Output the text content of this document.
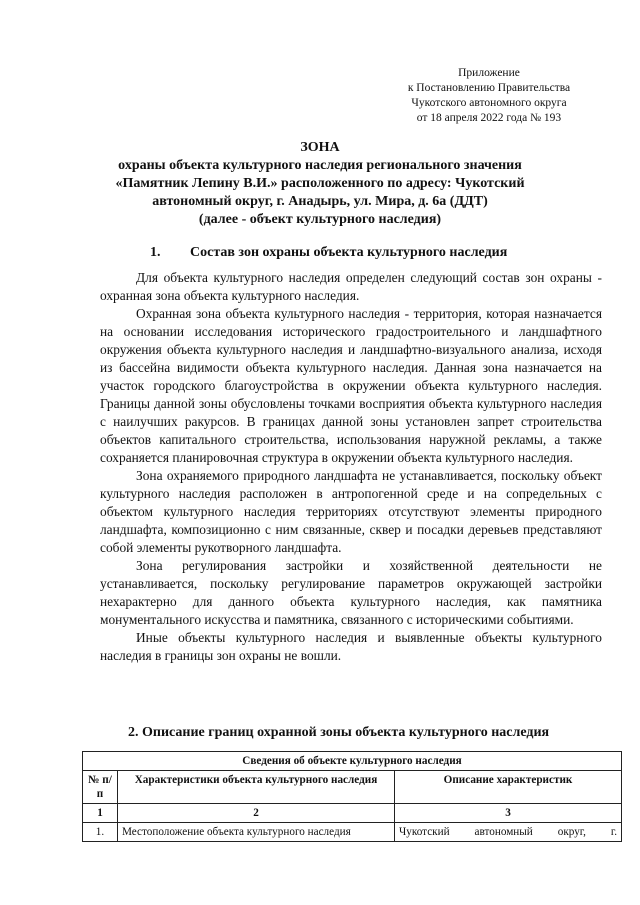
Приложение
к Постановлению Правительства
Чукотского автономного округа
от 18 апреля 2022 года № 193
ЗОНА
охраны объекта культурного наследия регионального значения
«Памятник Лепину В.И.» расположенного по адресу: Чукотский
автономный округ, г. Анадырь, ул. Мира, д. 6а (ДДТ)
(далее - объект культурного наследия)
1. Состав зон охраны объекта культурного наследия

Для объекта культурного наследия определен следующий состав зон охраны - охранная зона объекта культурного наследия.

Охранная зона объекта культурного наследия - территория, которая назначается на основании исследования исторического градостроительного и ландшафтного окружения объекта культурного наследия и ландшафтно-визуального анализа, исходя из бассейна видимости объекта культурного наследия. Данная зона назначается на участок городского благоустройства в окружении объекта культурного наследия. Границы данной зоны обусловлены точками восприятия объекта культурного наследия с наилучших ракурсов. В границах данной зоны установлен запрет строительства объектов капитального строительства, использования наружной рекламы, а также сохраняется планировочная структура в окружении объекта культурного наследия.

Зона охраняемого природного ландшафта не устанавливается, поскольку объект культурного наследия расположен в антропогенной среде и на сопредельных с объектом культурного наследия территориях отсутствуют элементы природного ландшафта, композиционно с ним связанные, сквер и посадки деревьев представляют собой элементы рукотворного ландшафта.

Зона регулирования застройки и хозяйственной деятельности не устанавливается, поскольку регулирование параметров окружающей застройки нехарактерно для данного объекта культурного наследия, как памятника монументального искусства и памятника, связанного с историческими событиями.

Иные объекты культурного наследия и выявленные объекты культурного наследия в границы зон охраны не вошли.

2. Описание границ охранной зоны объекта культурного наследия
Сведения об объекте культурного наследия		
№ п/п	Характеристики объекта культурного наследия	Описание характеристик
1	2	3
1.	Местоположение объекта культурного наследия	Чукотский автономный округ, г.
